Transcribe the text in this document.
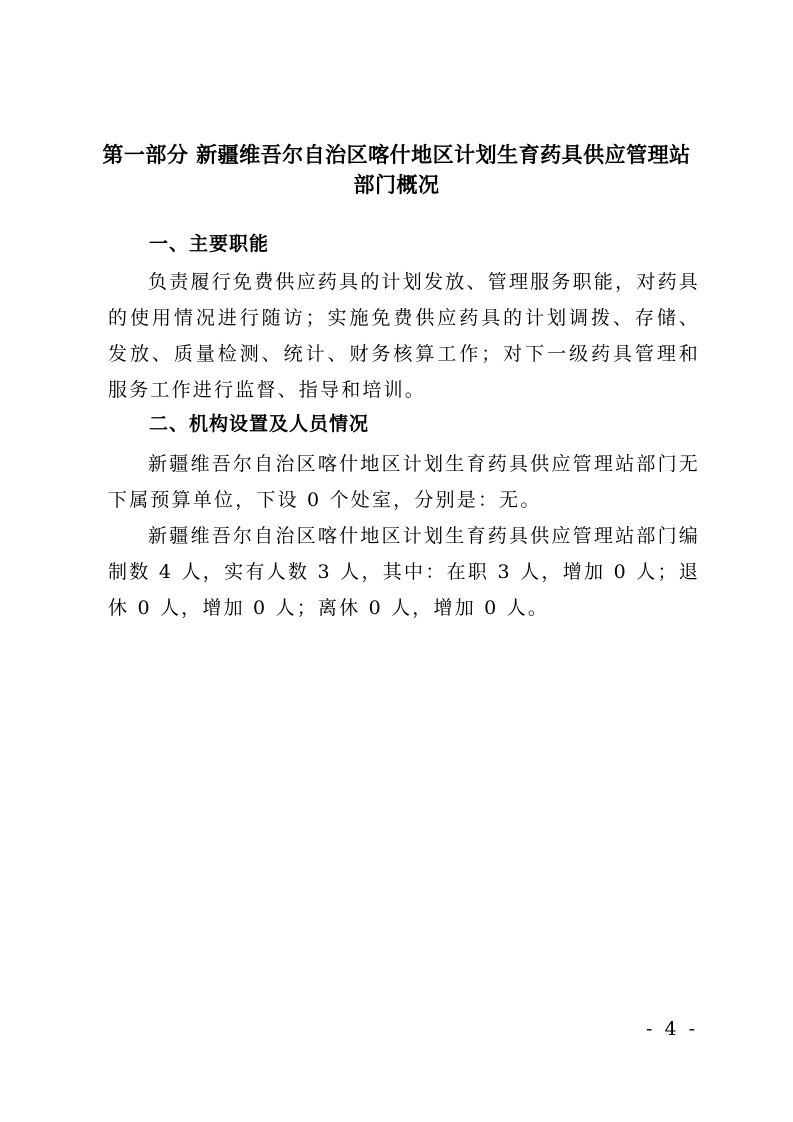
第一部分 新疆维吾尔自治区喀什地区计划生育药具供应管理站
部门概况
一、主要职能

负责履行免费供应药具的计划发放、管理服务职能，对药具的使用情况进行随访；实施免费供应药具的计划调拨、存储、发放、质量检测、统计、财务核算工作；对下一级药具管理和服务工作进行监督、指导和培训。

二、机构设置及人员情况

新疆维吾尔自治区喀什地区计划生育药具供应管理站部门无下属预算单位，下设 0 个处室，分别是：无。

新疆维吾尔自治区喀什地区计划生育药具供应管理站部门编制数 4 人，实有人数 3 人，其中：在职 3 人，增加 0 人；退休 0 人，增加 0 人；离休 0 人，增加 0 人。

- 4 -
